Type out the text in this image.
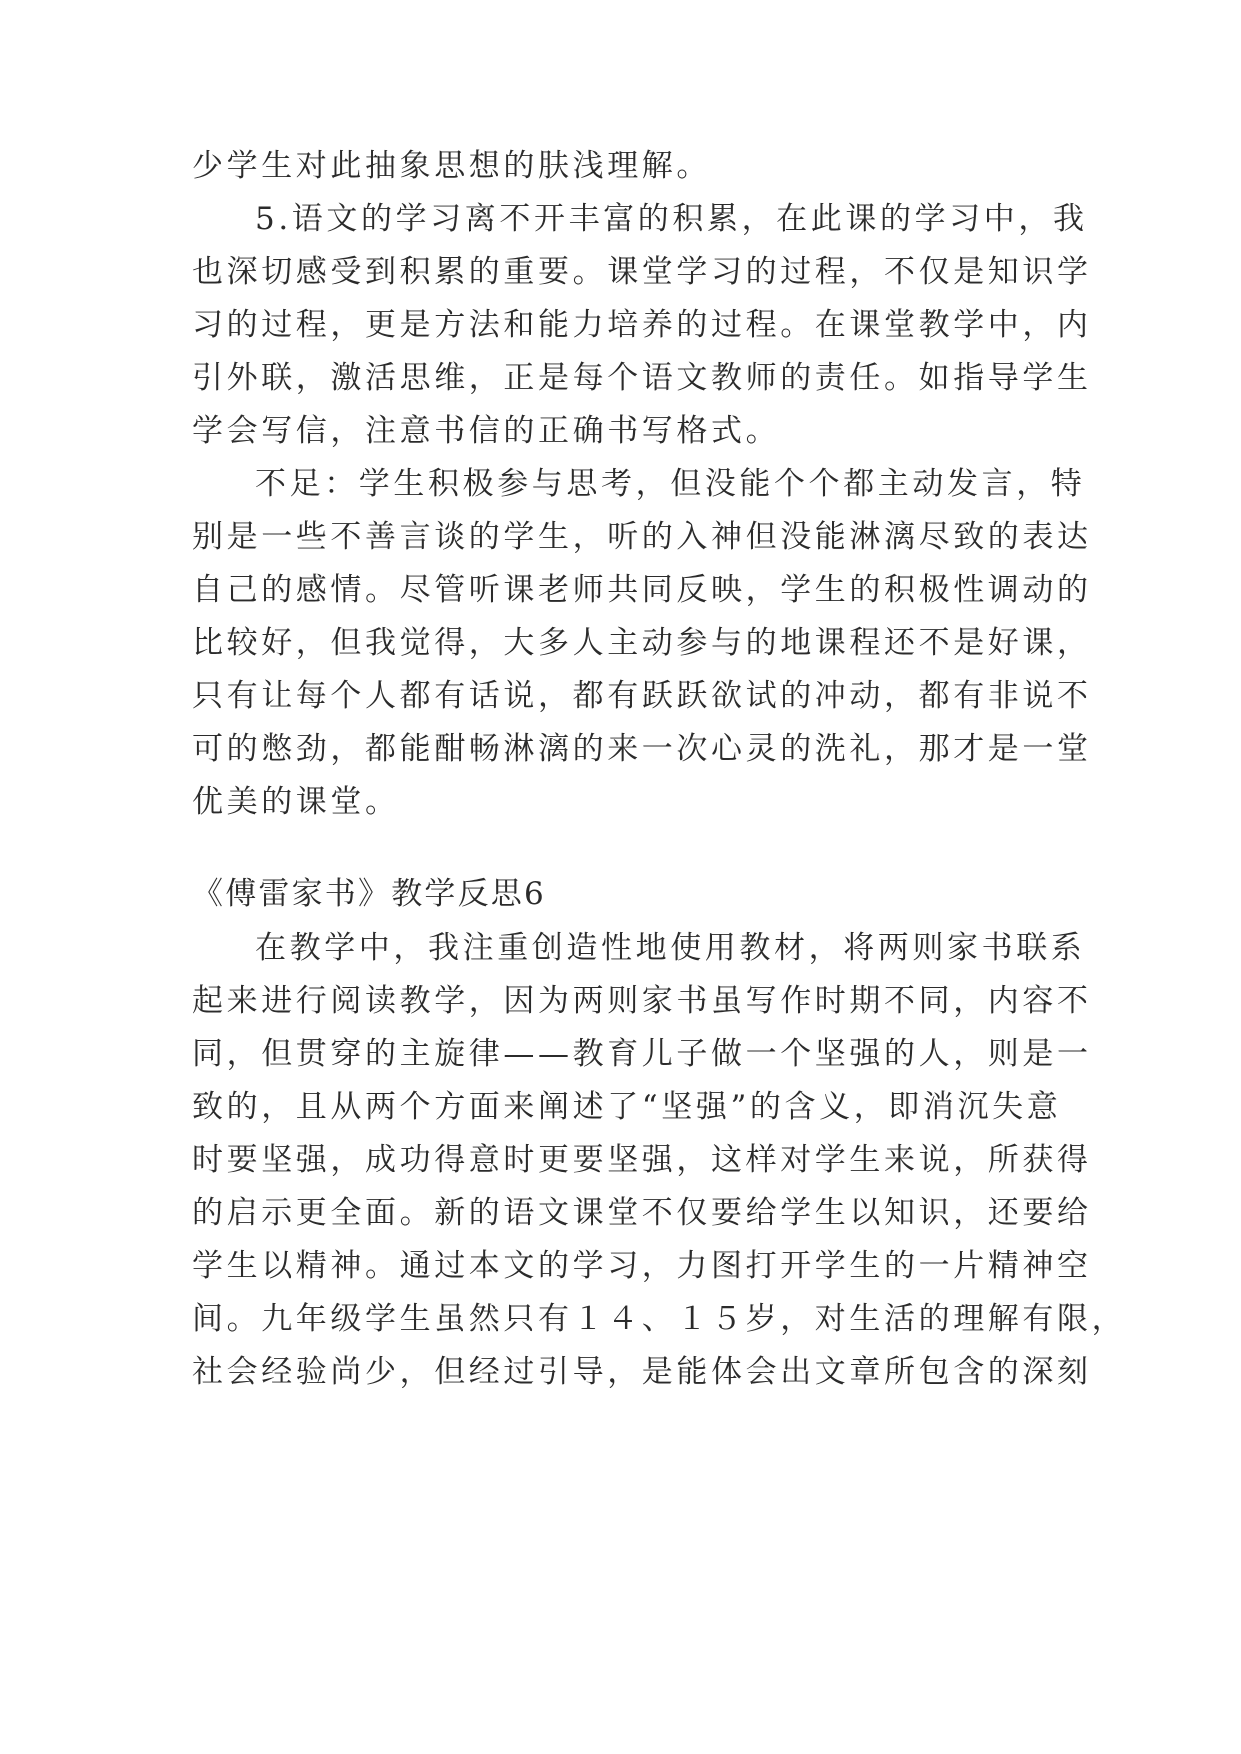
少学生对此抽象思想的肤浅理解。
5.语文的学习离不开丰富的积累，在此课的学习中，我
也深切感受到积累的重要。课堂学习的过程，不仅是知识学
习的过程，更是方法和能力培养的过程。在课堂教学中，内
引外联，激活思维，正是每个语文教师的责任。如指导学生
学会写信，注意书信的正确书写格式。
不足：学生积极参与思考，但没能个个都主动发言，特
别是一些不善言谈的学生，听的入神但没能淋漓尽致的表达
自己的感情。尽管听课老师共同反映，学生的积极性调动的
比较好，但我觉得，大多人主动参与的地课程还不是好课，
只有让每个人都有话说，都有跃跃欲试的冲动，都有非说不
可的憋劲，都能酣畅淋漓的来一次心灵的洗礼，那才是一堂
优美的课堂。
《傅雷家书》教学反思6
在教学中，我注重创造性地使用教材，将两则家书联系
起来进行阅读教学，因为两则家书虽写作时期不同，内容不
同，但贯穿的主旋律——教育儿子做一个坚强的人，则是一
致的，且从两个方面来阐述了“坚强”的含义，即消沉失意
时要坚强，成功得意时更要坚强，这样对学生来说，所获得
的启示更全面。新的语文课堂不仅要给学生以知识，还要给
学生以精神。通过本文的学习，力图打开学生的一片精神空
间。九年级学生虽然只有１４、１５岁，对生活的理解有限，
社会经验尚少，但经过引导，是能体会出文章所包含的深刻
